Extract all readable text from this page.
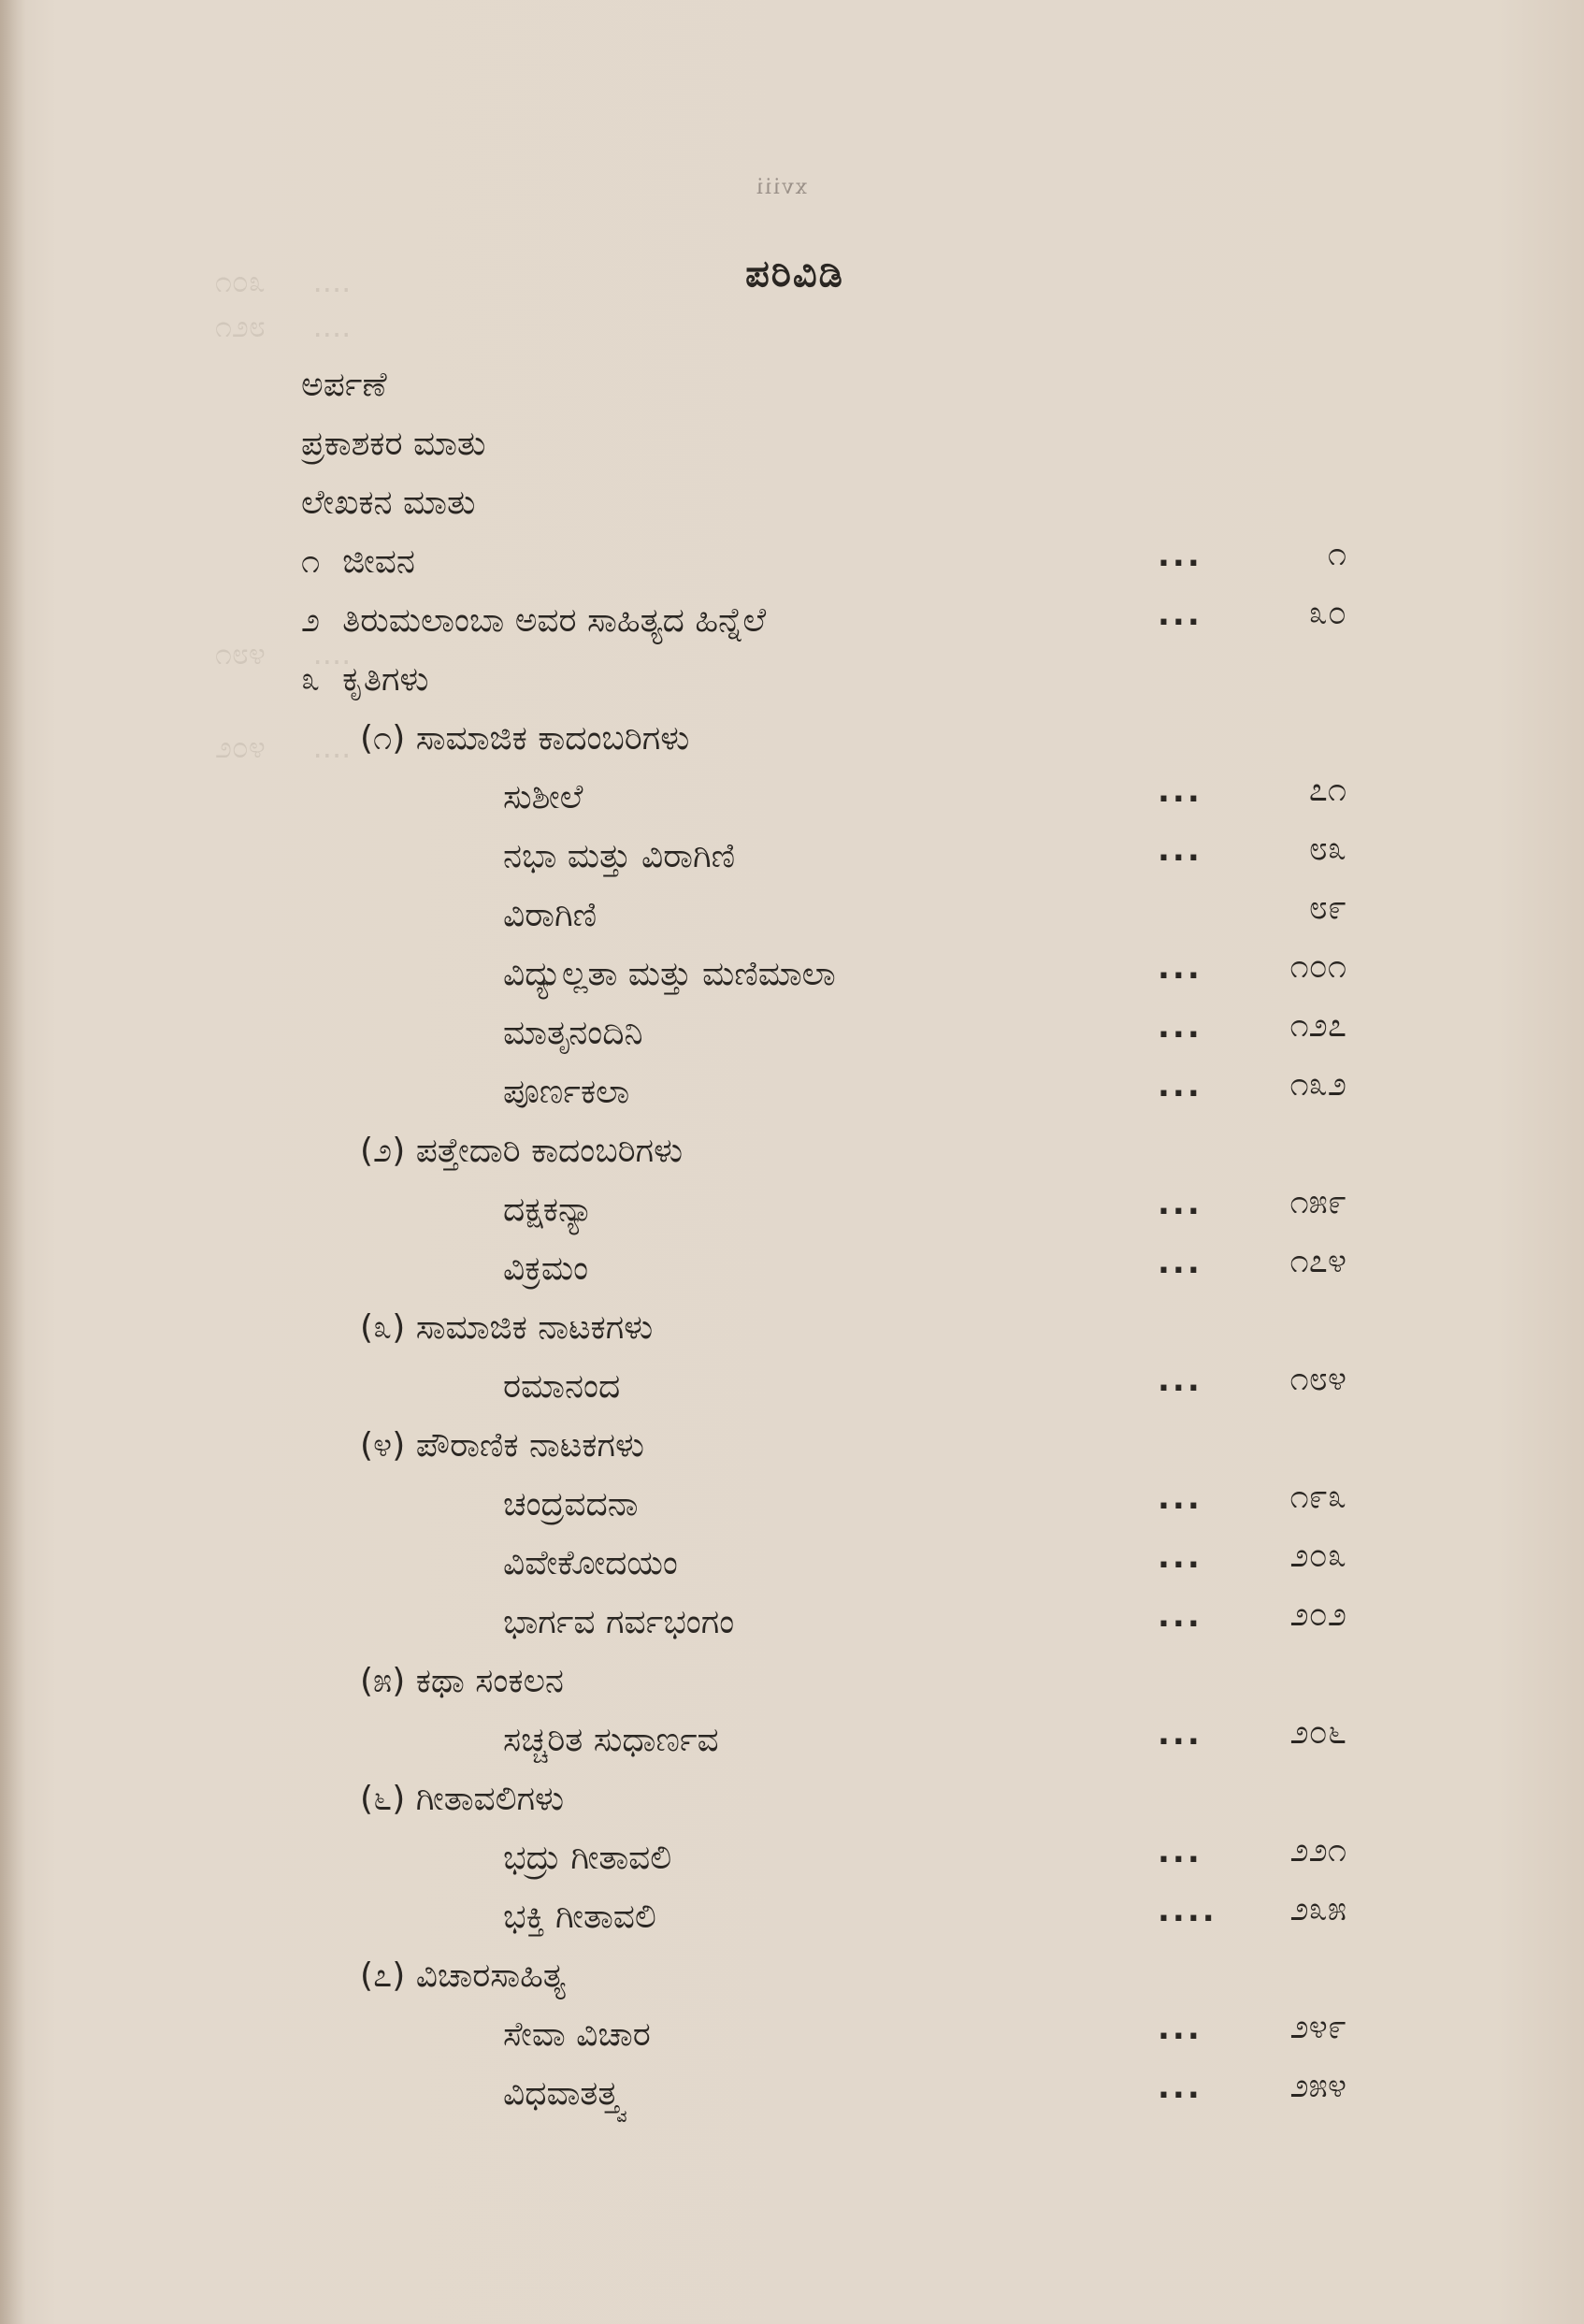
೧೦೩     ....
೧೨೮     ....
೧೮೪     ....
೨೦೪     ....
xviii
ಪರಿವಿಡಿ
ಅರ್ಪಣೆ
ಪ್ರಕಾಶಕರ ಮಾತು
ಲೇಖಕನ ಮಾತು
೧ ಜೀವನ	...	೧
೨ ತಿರುಮಲಾಂಬಾ ಅವರ ಸಾಹಿತ್ಯದ ಹಿನ್ನೆಲೆ	...	೩೦
೩ ಕೃತಿಗಳು
(೧) ಸಾಮಾಜಿಕ ಕಾದಂಬರಿಗಳು
ಸುಶೀಲೆ	...	೭೧
ನಭಾ ಮತ್ತು ವಿರಾಗಿಣಿ	...	೮೩
ವಿರಾಗಿಣಿ	೮೯
ವಿದ್ಯುಲ್ಲತಾ ಮತ್ತು ಮಣಿಮಾಲಾ	...	೧೦೧
ಮಾತೃನಂದಿನಿ	...	೧೨೭
ಪೂರ್ಣಕಲಾ	...	೧೩೨
(೨) ಪತ್ತೇದಾರಿ ಕಾದಂಬರಿಗಳು
ದಕ್ಷಕನ್ಯಾ	...	೧೫೯
ವಿಕ್ರಮಂ	...	೧೭೪
(೩) ಸಾಮಾಜಿಕ ನಾಟಕಗಳು
ರಮಾನಂದ	...	೧೮೪
(೪) ಪೌರಾಣಿಕ ನಾಟಕಗಳು
ಚಂದ್ರವದನಾ	...	೧೯೩
ವಿವೇಕೋದಯಂ	...	೨೦೩
ಭಾರ್ಗವ ಗರ್ವಭಂಗಂ	...	೨೦೨
(೫) ಕಥಾ ಸಂಕಲನ
ಸಚ್ಚರಿತ ಸುಧಾರ್ಣವ	...	೨೦೬
(೬) ಗೀತಾವಲಿಗಳು
ಭದ್ರು ಗೀತಾವಲಿ	...	೨೨೧
ಭಕ್ತಿ ಗೀತಾವಲಿ	....	೨೩೫
(೭) ವಿಚಾರಸಾಹಿತ್ಯ
ಸೇವಾ ವಿಚಾರ	...	೨೪೯
ವಿಧವಾತತ್ತ್ವ	...	೨೫೪
